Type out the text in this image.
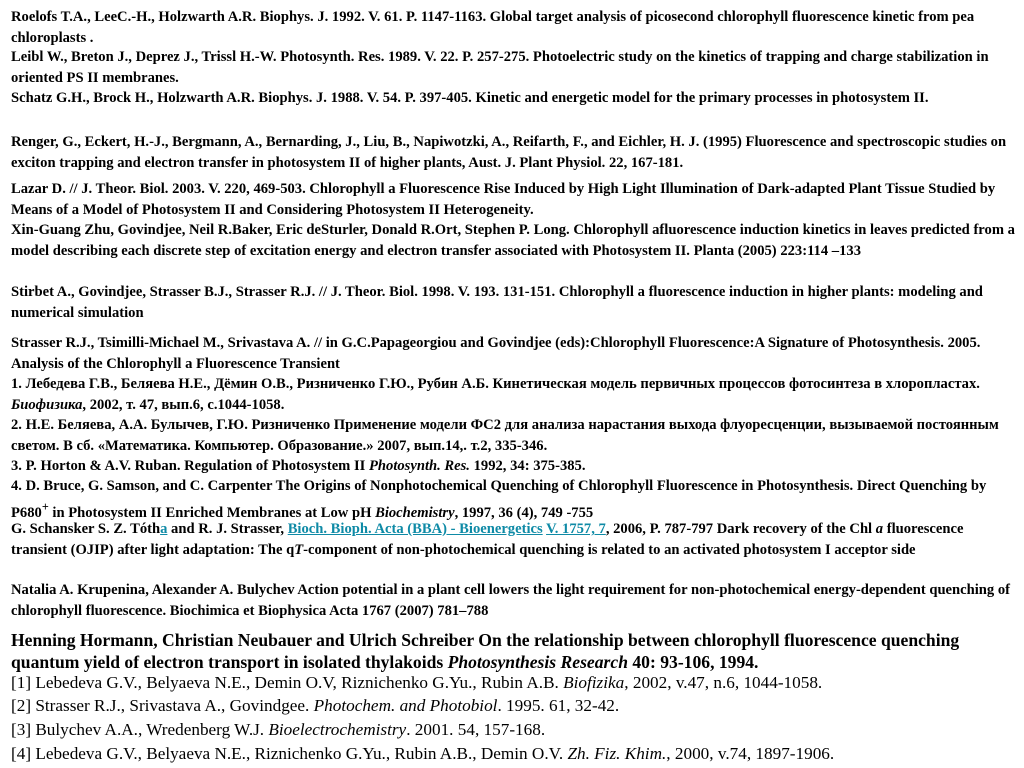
Roelofs T.A., LeeC.-H., Holzwarth A.R. Biophys. J. 1992. V. 61. P. 1147-1163. Global target analysis of picosecond chlorophyll fluorescence kinetic from pea chloroplasts .
Leibl W., Breton J., Deprez J., Trissl H.-W. Photosynth. Res. 1989. V. 22. P. 257-275. Photoelectric study on the kinetics of trapping and charge stabilization in oriented PS II membranes.
Schatz G.H., Brock H., Holzwarth A.R. Biophys. J. 1988. V. 54. P. 397-405. Kinetic and energetic model for the primary processes in photosystem II.
Renger, G., Eckert, H.-J., Bergmann, A., Bernarding, J., Liu, B., Napiwotzki, A., Reifarth, F., and Eichler, H. J. (1995) Fluorescence and spectroscopic studies on exciton trapping and electron transfer in photosystem II of higher plants, Aust. J. Plant Physiol. 22, 167-181.
Lazar D. // J. Theor. Biol. 2003. V. 220, 469-503. Chlorophyll a Fluorescence Rise Induced by High Light Illumination of Dark-adapted Plant Tissue Studied by Means of a Model of Photosystem II and Considering Photosystem II Heterogeneity.
Xin-Guang Zhu, Govindjee, Neil R.Baker, Eric deSturler, Donald R.Ort, Stephen P. Long. Chlorophyll afluorescence induction kinetics in leaves predicted from a model describing each discrete step of excitation energy and electron transfer associated with Photosystem II. Planta (2005) 223:114 –133
Stirbet A., Govindjee, Strasser B.J., Strasser R.J. // J. Theor. Biol. 1998. V. 193. 131-151. Chlorophyll a fluorescence induction in higher plants: modeling and numerical simulation
Strasser R.J., Tsimilli-Michael M., Srivastava A. // in G.C.Papageorgiou and Govindjee (eds):Chlorophyll Fluorescence:A Signature of Photosynthesis. 2005. Analysis of the Chlorophyll a Fluorescence Transient
1. Лебедева Г.В., Беляева Н.Е., Дёмин О.В., Ризниченко Г.Ю., Рубин А.Б. Кинетическая модель первичных процессов фотосинтеза в хлоропластах. Биофизика, 2002, т. 47, вып.6, с.1044-1058.
2. Н.Е. Беляева, А.А. Булычев, Г.Ю. Ризниченко Применение модели ФС2 для анализа нарастания выхода флуоресценции, вызываемой постоянным светом. В сб. «Математика. Компьютер. Образование.» 2007, вып.14,. т.2, 335-346.
3. P. Horton & A.V. Ruban. Regulation of Photosystem II Photosynth. Res. 1992, 34: 375-385.
4. D. Bruce, G. Samson, and C. Carpenter The Origins of Nonphotochemical Quenching of Chlorophyll Fluorescence in Photosynthesis. Direct Quenching by P680+ in Photosystem II Enriched Membranes at Low pH Biochemistry, 1997, 36 (4), 749 -755
G. Schansker S. Z. Tótha and R. J. Strasser, Bioch. Bioph. Acta (BBA) - Bioenergetics V. 1757, 7, 2006, P. 787-797 Dark recovery of the Chl a fluorescence transient (OJIP) after light adaptation: The qT-component of non-photochemical quenching is related to an activated photosystem I acceptor side
Natalia A. Krupenina, Alexander A. Bulychev Action potential in a plant cell lowers the light requirement for non-photochemical energy-dependent quenching of chlorophyll fluorescence. Biochimica et Biophysica Acta 1767 (2007) 781–788
Henning Hormann, Christian Neubauer and Ulrich Schreiber On the relationship between chlorophyll fluorescence quenching quantum yield of electron transport in isolated thylakoids Photosynthesis Research 40: 93-106, 1994.
[1] Lebedeva G.V., Belyaeva N.E., Demin O.V, Riznichenko G.Yu., Rubin A.B. Biofizika, 2002, v.47, n.6, 1044-1058.
[2] Strasser R.J., Srivastava A., Govindgee. Photochem. and Photobiol. 1995. 61, 32-42.
[3] Bulychev A.A., Wredenberg W.J. Bioelectrochemistry. 2001. 54, 157-168.
[4] Lebedeva G.V., Belyaeva N.E., Riznichenko G.Yu., Rubin A.B., Demin O.V. Zh. Fiz. Khim., 2000, v.74, 1897-1906.
